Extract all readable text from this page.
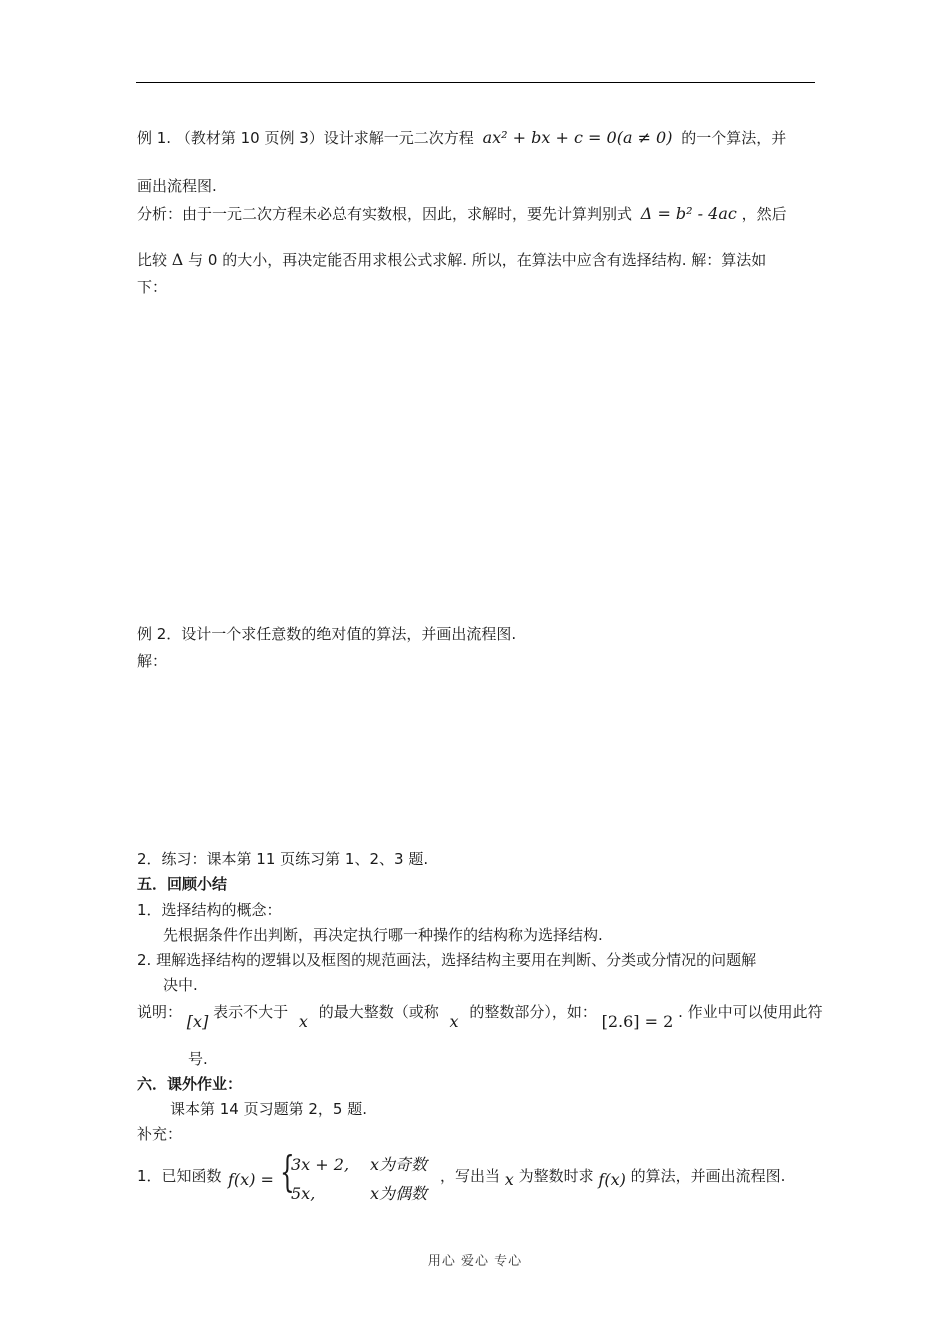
例 1. （教材第 10 页例 3）设计求解一元二次方程 ax² + bx + c = 0(a ≠ 0) 的一个算法，并
画出流程图.
分析：由于一元二次方程未必总有实数根，因此，求解时，要先计算判别式 Δ = b² - 4ac ，然后
比较 Δ 与 0 的大小，再决定能否用求根公式求解. 所以，在算法中应含有选择结构. 解：算法如
下：
例 2．设计一个求任意数的绝对值的算法，并画出流程图.
解：
2．练习：课本第 11 页练习第 1、2、3 题.
五．回顾小结
1．选择结构的概念：
先根据条件作出判断，再决定执行哪一种操作的结构称为选择结构.
2. 理解选择结构的逻辑以及框图的规范画法，选择结构主要用在判断、分类或分情况的问题解
决中.
说明： [x] 表示不大于 x 的最大整数（或称 x 的整数部分），如： [2.6] = 2 . 作业中可以使用此符
号.
六．课外作业：
课本第 14 页习题第 2，5 题.
补充：
1．已知函数 f(x) = {
3x + 2, x为奇数
5x,	x为偶数
，写出当 x 为整数时求 f(x) 的算法，并画出流程图.
用心 爱心 专心
